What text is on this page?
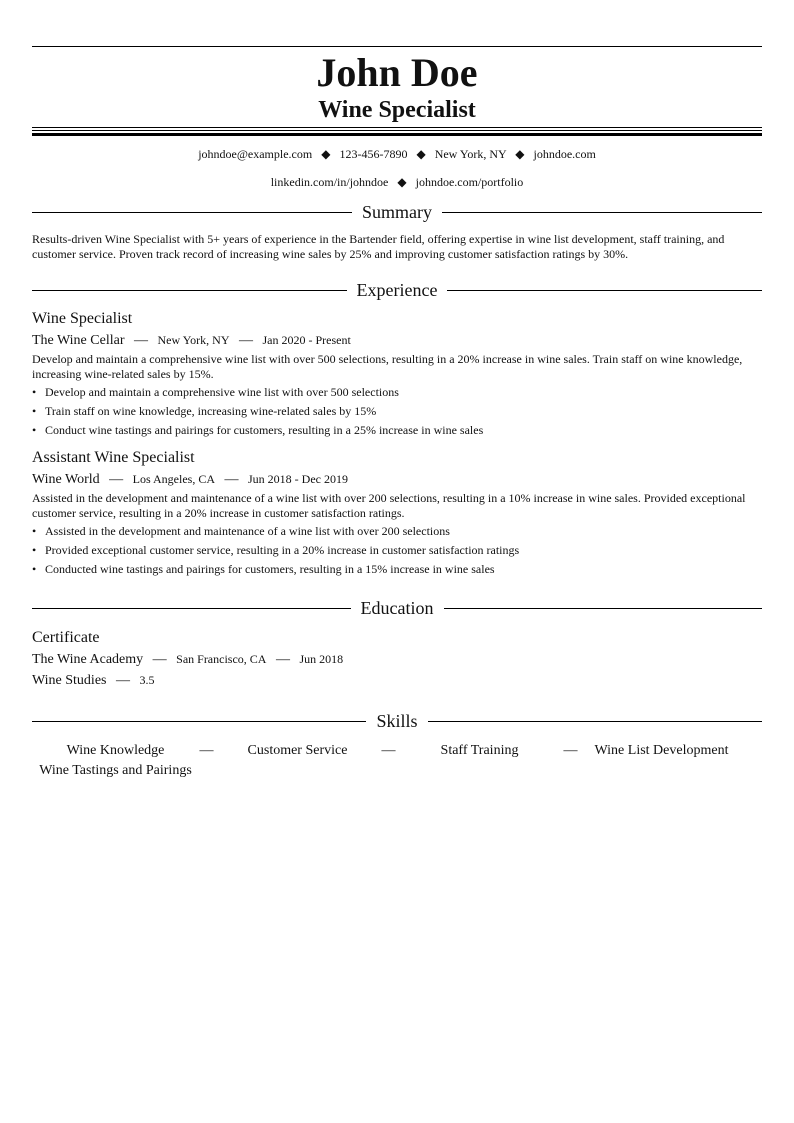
John Doe
Wine Specialist
johndoe@example.com ◆ 123-456-7890 ◆ New York, NY ◆ johndoe.com
linkedin.com/in/johndoe ◆ johndoe.com/portfolio
Summary
Results-driven Wine Specialist with 5+ years of experience in the Bartender field, offering expertise in wine list development, staff training, and customer service. Proven track record of increasing wine sales by 25% and improving customer satisfaction ratings by 30%.
Experience
Wine Specialist
The Wine Cellar — New York, NY — Jan 2020 - Present
Develop and maintain a comprehensive wine list with over 500 selections, resulting in a 20% increase in wine sales. Train staff on wine knowledge, increasing wine-related sales by 15%.
• Develop and maintain a comprehensive wine list with over 500 selections
• Train staff on wine knowledge, increasing wine-related sales by 15%
• Conduct wine tastings and pairings for customers, resulting in a 25% increase in wine sales
Assistant Wine Specialist
Wine World — Los Angeles, CA — Jun 2018 - Dec 2019
Assisted in the development and maintenance of a wine list with over 200 selections, resulting in a 10% increase in wine sales. Provided exceptional customer service, resulting in a 20% increase in customer satisfaction ratings.
• Assisted in the development and maintenance of a wine list with over 200 selections
• Provided exceptional customer service, resulting in a 20% increase in customer satisfaction ratings
• Conducted wine tastings and pairings for customers, resulting in a 15% increase in wine sales
Education
Certificate
The Wine Academy — San Francisco, CA — Jun 2018
Wine Studies — 3.5
Skills
Wine Knowledge	—	Customer Service	—	Staff Training	—	Wine List Development
Wine Tastings and Pairings
